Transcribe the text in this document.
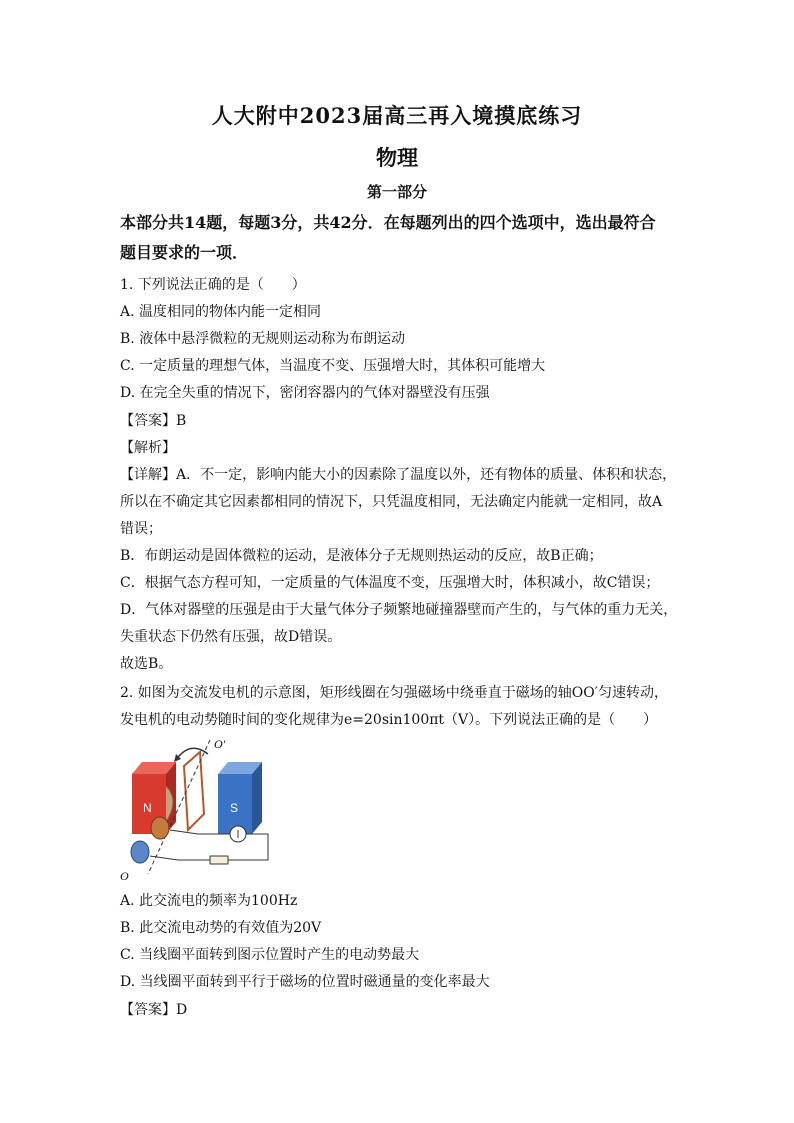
人大附中2023届高三再入境摸底练习
物理
第一部分
本部分共14题，每题3分，共42分．在每题列出的四个选项中，选出最符合
题目要求的一项．
1. 下列说法正确的是（　　）
A. 温度相同的物体内能一定相同
B. 液体中悬浮微粒的无规则运动称为布朗运动
C. 一定质量的理想气体，当温度不变、压强增大时，其体积可能增大
D. 在完全失重的情况下，密闭容器内的气体对器壁没有压强
【答案】B
【解析】
【详解】A．不一定，影响内能大小的因素除了温度以外，还有物体的质量、体积和状态，
所以在不确定其它因素都相同的情况下，只凭温度相同，无法确定内能就一定相同，故A
错误；
B．布朗运动是固体微粒的运动，是液体分子无规则热运动的反应，故B正确；
C．根据气态方程可知，一定质量的气体温度不变，压强增大时，体积减小，故C错误；
D．气体对器壁的压强是由于大量气体分子频繁地碰撞器壁而产生的，与气体的重力无关，
失重状态下仍然有压强，故D错误。
故选B。
2. 如图为交流发电机的示意图，矩形线圈在匀强磁场中绕垂直于磁场的轴OO′匀速转动，
发电机的电动势随时间的变化规律为e=20sin100πt（V）。下列说法正确的是（　　）
N	S
O′
O
A. 此交流电的频率为100Hz
B. 此交流电动势的有效值为20V
C. 当线圈平面转到图示位置时产生的电动势最大
D. 当线圈平面转到平行于磁场的位置时磁通量的变化率最大
【答案】D
